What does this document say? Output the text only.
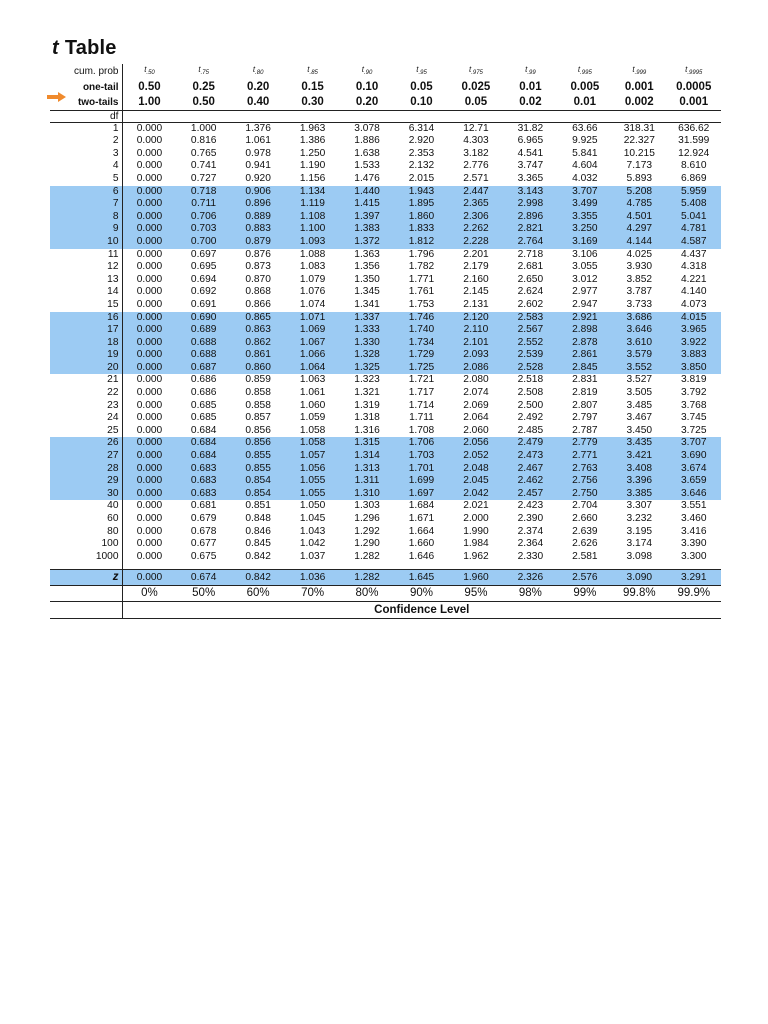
t Table
cum. prob	$t_{.50}$	$t_{.75}$	$t_{.80}$	$t_{.85}$	$t_{.90}$	$t_{.95}$	$t_{.975}$	$t_{.99}$	$t_{.995}$	$t_{.999}$	$t_{.9995}$
one-tail	0.50	0.25	0.20	0.15	0.10	0.05	0.025	0.01	0.005	0.001	0.0005
two-tails	1.00	0.50	0.40	0.30	0.20	0.10	0.05	0.02	0.01	0.002	0.001
df											
1	0.000	1.000	1.376	1.963	3.078	6.314	12.71	31.82	63.66	318.31	636.62
2	0.000	0.816	1.061	1.386	1.886	2.920	4.303	6.965	9.925	22.327	31.599
3	0.000	0.765	0.978	1.250	1.638	2.353	3.182	4.541	5.841	10.215	12.924
4	0.000	0.741	0.941	1.190	1.533	2.132	2.776	3.747	4.604	7.173	8.610
5	0.000	0.727	0.920	1.156	1.476	2.015	2.571	3.365	4.032	5.893	6.869
6	0.000	0.718	0.906	1.134	1.440	1.943	2.447	3.143	3.707	5.208	5.959
7	0.000	0.711	0.896	1.119	1.415	1.895	2.365	2.998	3.499	4.785	5.408
8	0.000	0.706	0.889	1.108	1.397	1.860	2.306	2.896	3.355	4.501	5.041
9	0.000	0.703	0.883	1.100	1.383	1.833	2.262	2.821	3.250	4.297	4.781
10	0.000	0.700	0.879	1.093	1.372	1.812	2.228	2.764	3.169	4.144	4.587
11	0.000	0.697	0.876	1.088	1.363	1.796	2.201	2.718	3.106	4.025	4.437
12	0.000	0.695	0.873	1.083	1.356	1.782	2.179	2.681	3.055	3.930	4.318
13	0.000	0.694	0.870	1.079	1.350	1.771	2.160	2.650	3.012	3.852	4.221
14	0.000	0.692	0.868	1.076	1.345	1.761	2.145	2.624	2.977	3.787	4.140
15	0.000	0.691	0.866	1.074	1.341	1.753	2.131	2.602	2.947	3.733	4.073
16	0.000	0.690	0.865	1.071	1.337	1.746	2.120	2.583	2.921	3.686	4.015
17	0.000	0.689	0.863	1.069	1.333	1.740	2.110	2.567	2.898	3.646	3.965
18	0.000	0.688	0.862	1.067	1.330	1.734	2.101	2.552	2.878	3.610	3.922
19	0.000	0.688	0.861	1.066	1.328	1.729	2.093	2.539	2.861	3.579	3.883
20	0.000	0.687	0.860	1.064	1.325	1.725	2.086	2.528	2.845	3.552	3.850
21	0.000	0.686	0.859	1.063	1.323	1.721	2.080	2.518	2.831	3.527	3.819
22	0.000	0.686	0.858	1.061	1.321	1.717	2.074	2.508	2.819	3.505	3.792
23	0.000	0.685	0.858	1.060	1.319	1.714	2.069	2.500	2.807	3.485	3.768
24	0.000	0.685	0.857	1.059	1.318	1.711	2.064	2.492	2.797	3.467	3.745
25	0.000	0.684	0.856	1.058	1.316	1.708	2.060	2.485	2.787	3.450	3.725
26	0.000	0.684	0.856	1.058	1.315	1.706	2.056	2.479	2.779	3.435	3.707
27	0.000	0.684	0.855	1.057	1.314	1.703	2.052	2.473	2.771	3.421	3.690
28	0.000	0.683	0.855	1.056	1.313	1.701	2.048	2.467	2.763	3.408	3.674
29	0.000	0.683	0.854	1.055	1.311	1.699	2.045	2.462	2.756	3.396	3.659
30	0.000	0.683	0.854	1.055	1.310	1.697	2.042	2.457	2.750	3.385	3.646
40	0.000	0.681	0.851	1.050	1.303	1.684	2.021	2.423	2.704	3.307	3.551
60	0.000	0.679	0.848	1.045	1.296	1.671	2.000	2.390	2.660	3.232	3.460
80	0.000	0.678	0.846	1.043	1.292	1.664	1.990	2.374	2.639	3.195	3.416
100	0.000	0.677	0.845	1.042	1.290	1.660	1.984	2.364	2.626	3.174	3.390
1000	0.000	0.675	0.842	1.037	1.282	1.646	1.962	2.330	2.581	3.098	3.300

z	0.000	0.674	0.842	1.036	1.282	1.645	1.960	2.326	2.576	3.090	3.291
	0%	50%	60%	70%	80%	90%	95%	98%	99%	99.8%	99.9%
	Confidence Level										
